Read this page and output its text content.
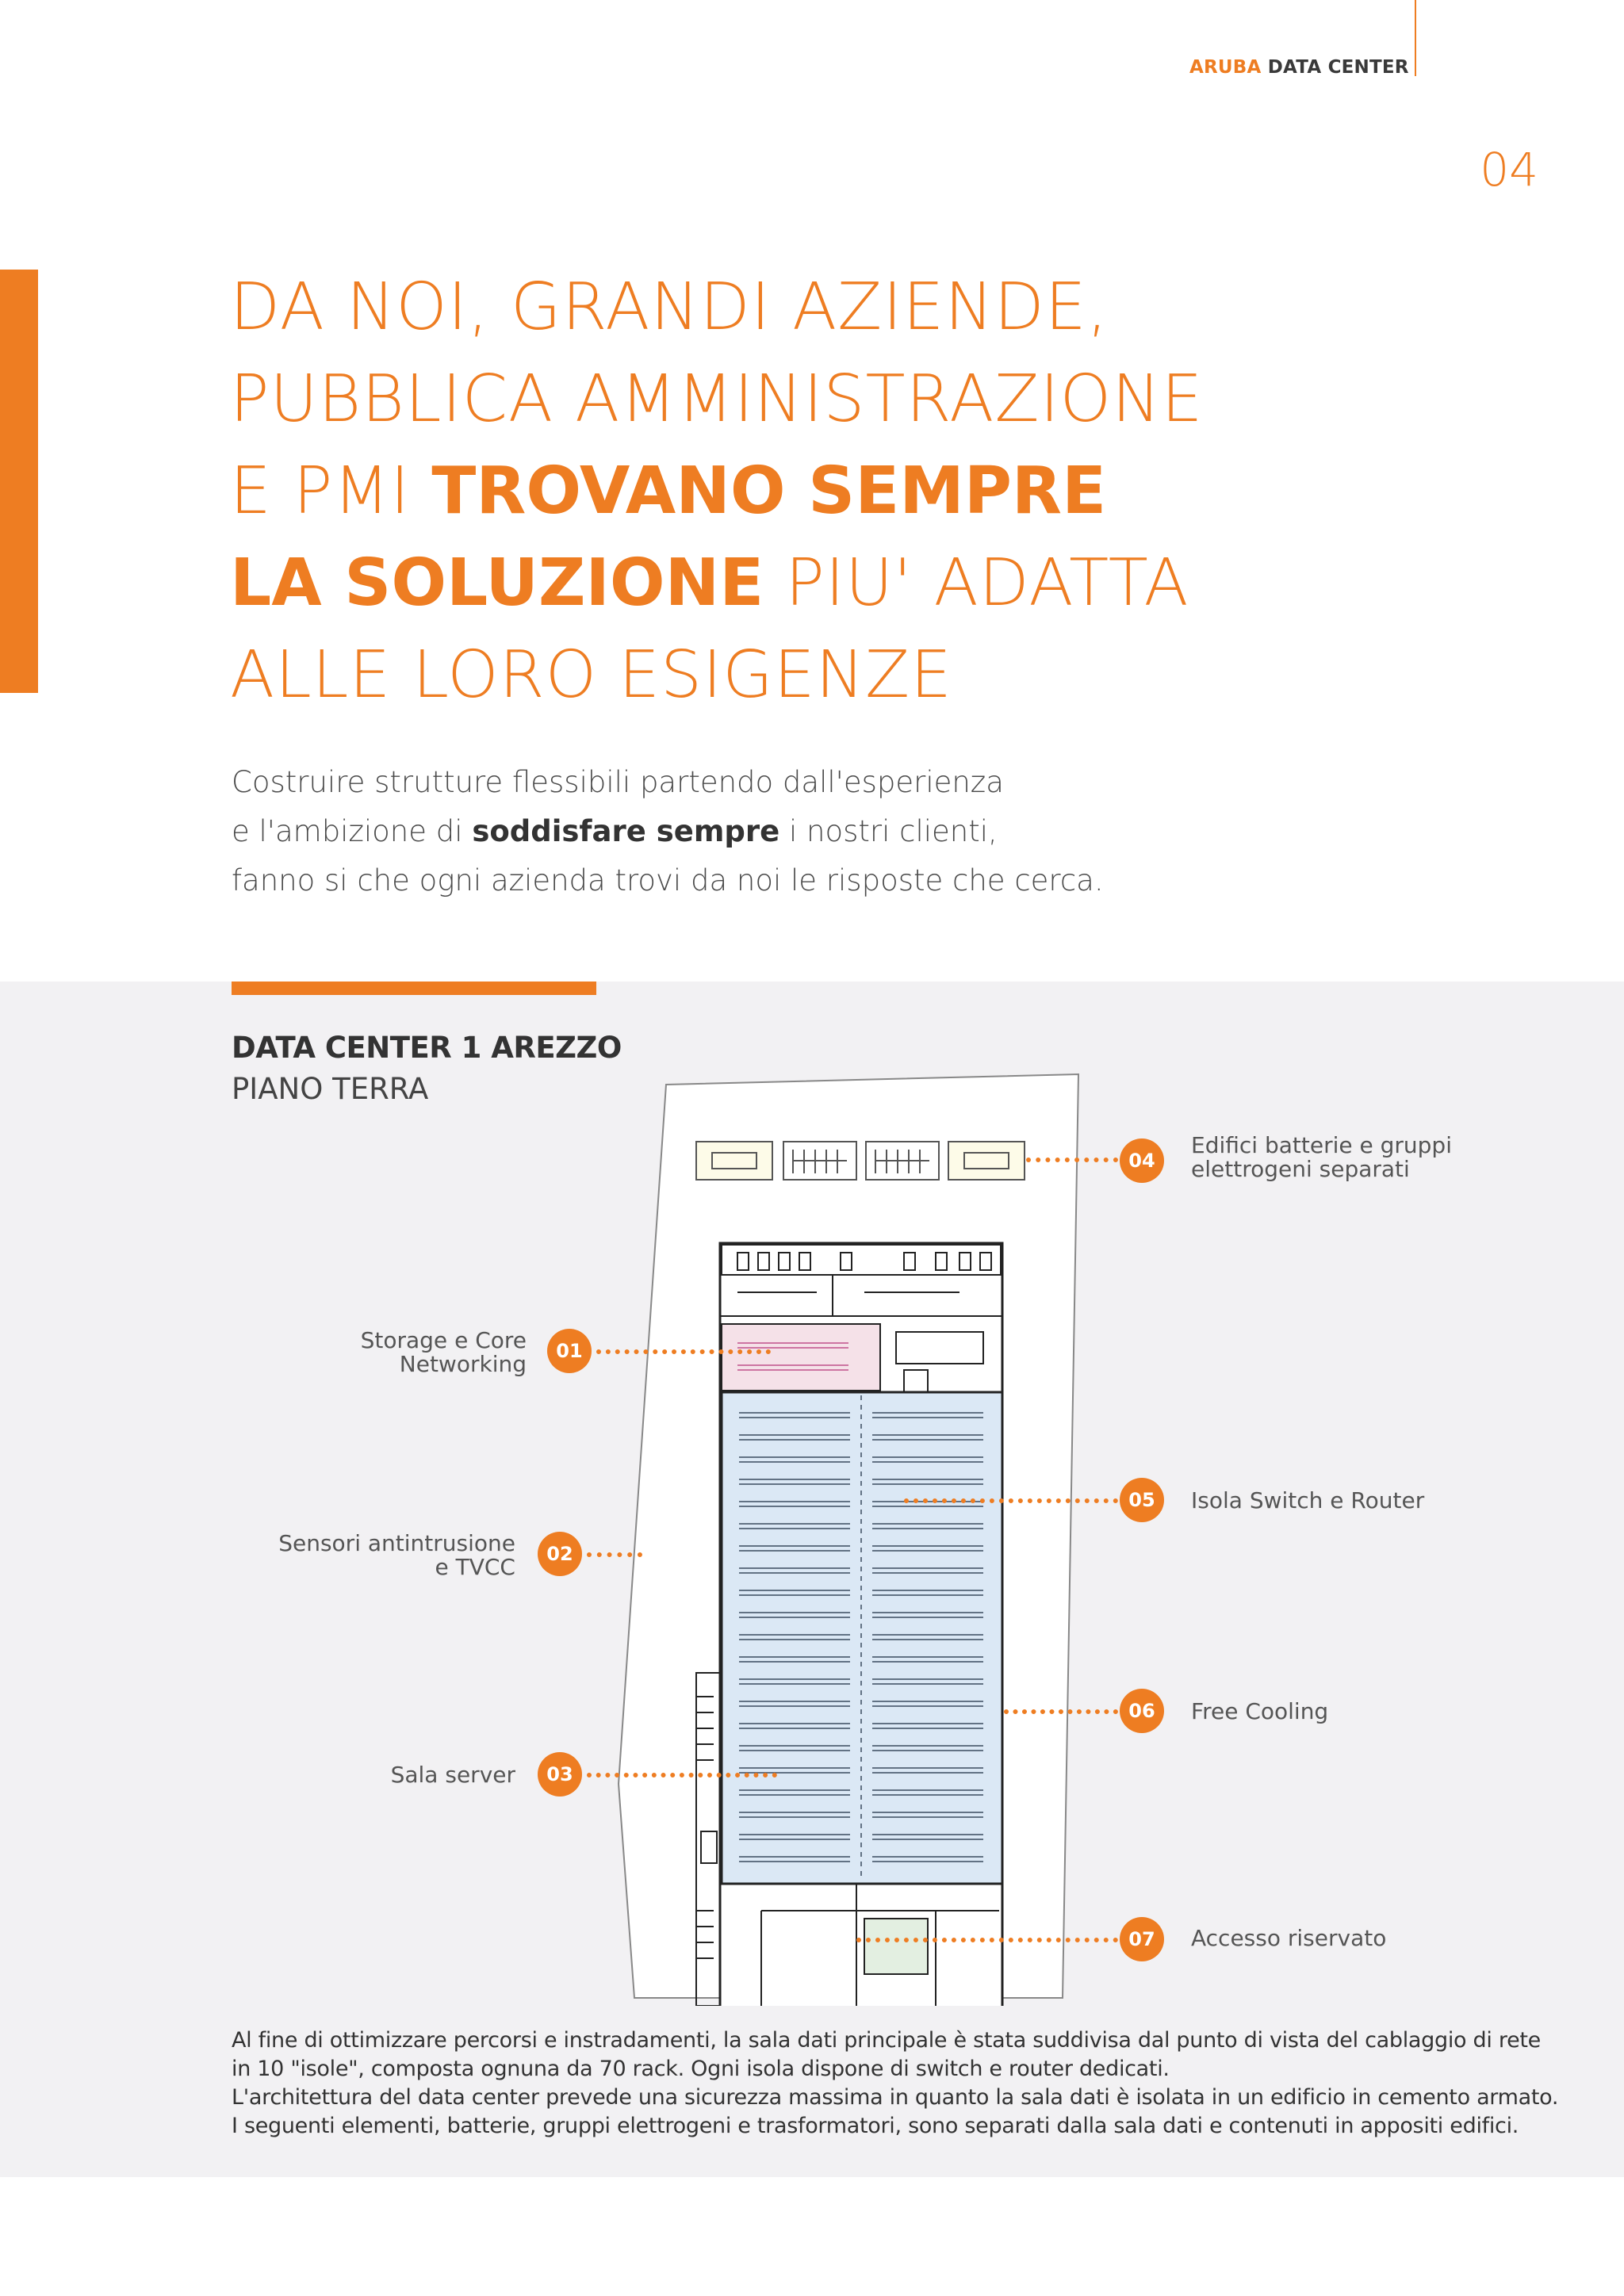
ARUBA DATA CENTER
04
DA NOI, GRANDI AZIENDE,
PUBBLICA AMMINISTRAZIONE
E PMI TROVANO SEMPRE
LA SOLUZIONE PIU' ADATTA
ALLE LORO ESIGENZE
Costruire strutture flessibili partendo dall'esperienza
e l'ambizione di soddisfare sempre i nostri clienti,
fanno si che ogni azienda trovi da noi le risposte che cerca.
DATA CENTER 1 AREZZO
PIANO TERRA
Storage e Core
Networking	01
Sensori antintrusione
e TVCC	02
Sala server	03
04
Edifici batterie e gruppi
elettrogeni separati
05	Isola Switch e Router
06	Free Cooling
07	Accesso riservato
Al fine di ottimizzare percorsi e instradamenti, la sala dati principale è stata suddivisa dal punto di vista del cablaggio di rete
in 10 "isole", composta ognuna da 70 rack. Ogni isola dispone di switch e router dedicati.
L'architettura del data center prevede una sicurezza massima in quanto la sala dati è isolata in un edificio in cemento armato.
I seguenti elementi, batterie, gruppi elettrogeni e trasformatori, sono separati dalla sala dati e contenuti in appositi edifici.
